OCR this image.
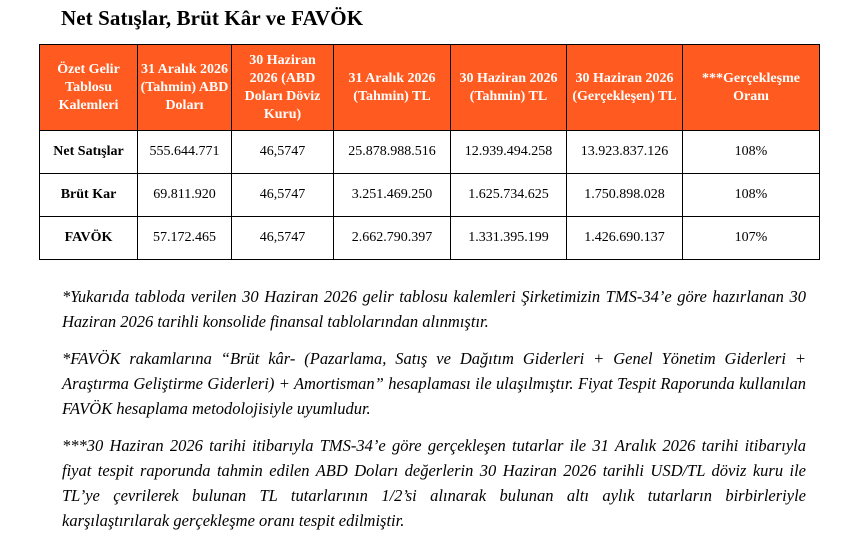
Net Satışlar, Brüt Kâr ve FAVÖK
Özet Gelir Tablosu Kalemleri	31 Aralık 2026 (Tahmin) ABD Doları	30 Haziran 2026 (ABD Doları Döviz Kuru)	31 Aralık 2026 (Tahmin) TL	30 Haziran 2026 (Tahmin) TL	30 Haziran 2026 (Gerçekleşen) TL	***Gerçekleşme Oranı
Net Satışlar	555.644.771	46,5747	25.878.988.516	12.939.494.258	13.923.837.126	108%
Brüt Kar	69.811.920	46,5747	3.251.469.250	1.625.734.625	1.750.898.028	108%
FAVÖK	57.172.465	46,5747	2.662.790.397	1.331.395.199	1.426.690.137	107%

*Yukarıda tabloda verilen 30 Haziran 2026 gelir tablosu kalemleri Şirketimizin TMS-34’e göre hazırlanan 30 Haziran 2026 tarihli konsolide finansal tablolarından alınmıştır.

*FAVÖK rakamlarına “Brüt kâr- (Pazarlama, Satış ve Dağıtım Giderleri + Genel Yönetim Giderleri + Araştırma Geliştirme Giderleri) + Amortisman” hesaplaması ile ulaşılmıştır. Fiyat Tespit Raporunda kullanılan FAVÖK hesaplama metodolojisiyle uyumludur.

***30 Haziran 2026 tarihi itibarıyla TMS-34’e göre gerçekleşen tutarlar ile 31 Aralık 2026 tarihi itibarıyla fiyat tespit raporunda tahmin edilen ABD Doları değerlerin 30 Haziran 2026 tarihli USD/TL döviz kuru ile TL’ye çevrilerek bulunan TL tutarlarının 1/2’si alınarak bulunan altı aylık tutarların birbirleriyle karşılaştırılarak gerçekleşme oranı tespit edilmiştir.
